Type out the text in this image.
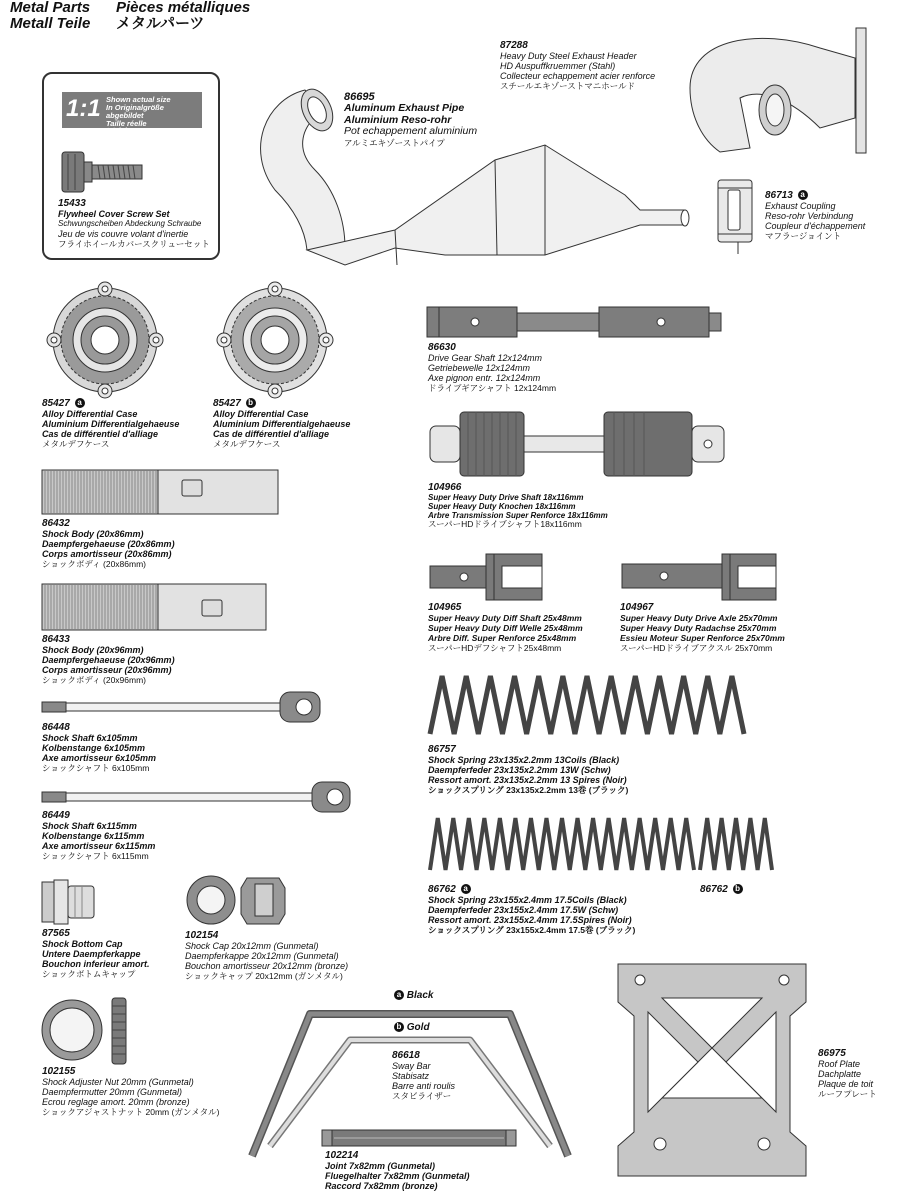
Metal Parts Pièces métalliques
Metall Teile メタルパーツ
1:1 Shown actual size
In Originalgröße abgebildet
Taille réelle
原寸大
15433
Flywheel Cover Screw Set
Schwungscheiben Abdeckung Schraube
Jeu de vis couvre volant d'inertie
フライホイールカバースクリューセット
86695
Aluminum Exhaust Pipe
Aluminium Reso-rohr
Pot echappement aluminium
アルミエキゾーストパイプ
87288
Heavy Duty Steel Exhaust Header
HD Auspuffkruemmer (Stahl)
Collecteur echappement acier renforce
スチールエキゾーストマニホールド
86713 a
Exhaust Coupling
Reso-rohr Verbindung
Coupleur d'échappement
マフラージョイント
85427 a
Alloy Differential Case
Aluminium Differentialgehaeuse
Cas de différentiel d'alliage
メタルデフケース
85427 b
Alloy Differential Case
Aluminium Differentialgehaeuse
Cas de différentiel d'alliage
メタルデフケース
86630
Drive Gear Shaft 12x124mm
Getriebewelle 12x124mm
Axe pignon entr. 12x124mm
ドライブギアシャフト 12x124mm
104966
Super Heavy Duty Drive Shaft 18x116mm
Super Heavy Duty Knochen 18x116mm
Arbre Transmission Super Renforce 18x116mm
スーパーHDドライブシャフト18x116mm
86432
Shock Body (20x86mm)
Daempfergehaeuse (20x86mm)
Corps amortisseur (20x86mm)
ショックボディ (20x86mm)
86433
Shock Body (20x96mm)
Daempfergehaeuse (20x96mm)
Corps amortisseur (20x96mm)
ショックボディ (20x96mm)
104965
Super Heavy Duty Diff Shaft 25x48mm
Super Heavy Duty Diff Welle 25x48mm
Arbre Diff. Super Renforce 25x48mm
スーパーHDデフシャフト25x48mm
104967
Super Heavy Duty Drive Axle 25x70mm
Super Heavy Duty Radachse 25x70mm
Essieu Moteur Super Renforce 25x70mm
スーパーHDドライブアクスル 25x70mm
86448
Shock Shaft 6x105mm
Kolbenstange 6x105mm
Axe amortisseur 6x105mm
ショックシャフト 6x105mm
86449
Shock Shaft 6x115mm
Kolbenstange 6x115mm
Axe amortisseur 6x115mm
ショックシャフト 6x115mm
86757
Shock Spring 23x135x2.2mm 13Coils (Black)
Daempferfeder 23x135x2.2mm 13W (Schw)
Ressort amort. 23x135x2.2mm 13 Spires (Noir)
ショックスプリング 23x135x2.2mm 13巻 (ブラック)
86762 a
Shock Spring 23x155x2.4mm 17.5Coils (Black)
Daempferfeder 23x155x2.4mm 17.5W (Schw)
Ressort amort. 23x155x2.4mm 17.5Spires (Noir)
ショックスプリング 23x155x2.4mm 17.5巻 (ブラック)
86762 b
87565
Shock Bottom Cap
Untere Daempferkappe
Bouchon inferieur amort.
ショックボトムキャップ
102154
Shock Cap 20x12mm (Gunmetal)
Daempferkappe 20x12mm (Gunmetal)
Bouchon amortisseur 20x12mm (bronze)
ショックキャップ 20x12mm (ガンメタル)
102155
Shock Adjuster Nut 20mm (Gunmetal)
Daempfermutter 20mm (Gunmetal)
Ecrou reglage amort. 20mm (bronze)
ショックアジャストナット 20mm (ガンメタル)
a Black
b Gold
86618
Sway Bar
Stabisatz
Barre anti roulis
スタビライザー
102214
Joint 7x82mm (Gunmetal)
Fluegelhalter 7x82mm (Gunmetal)
Raccord 7x82mm (bronze)
86975
Roof Plate
Dachplatte
Plaque de toit
ルーフプレート
